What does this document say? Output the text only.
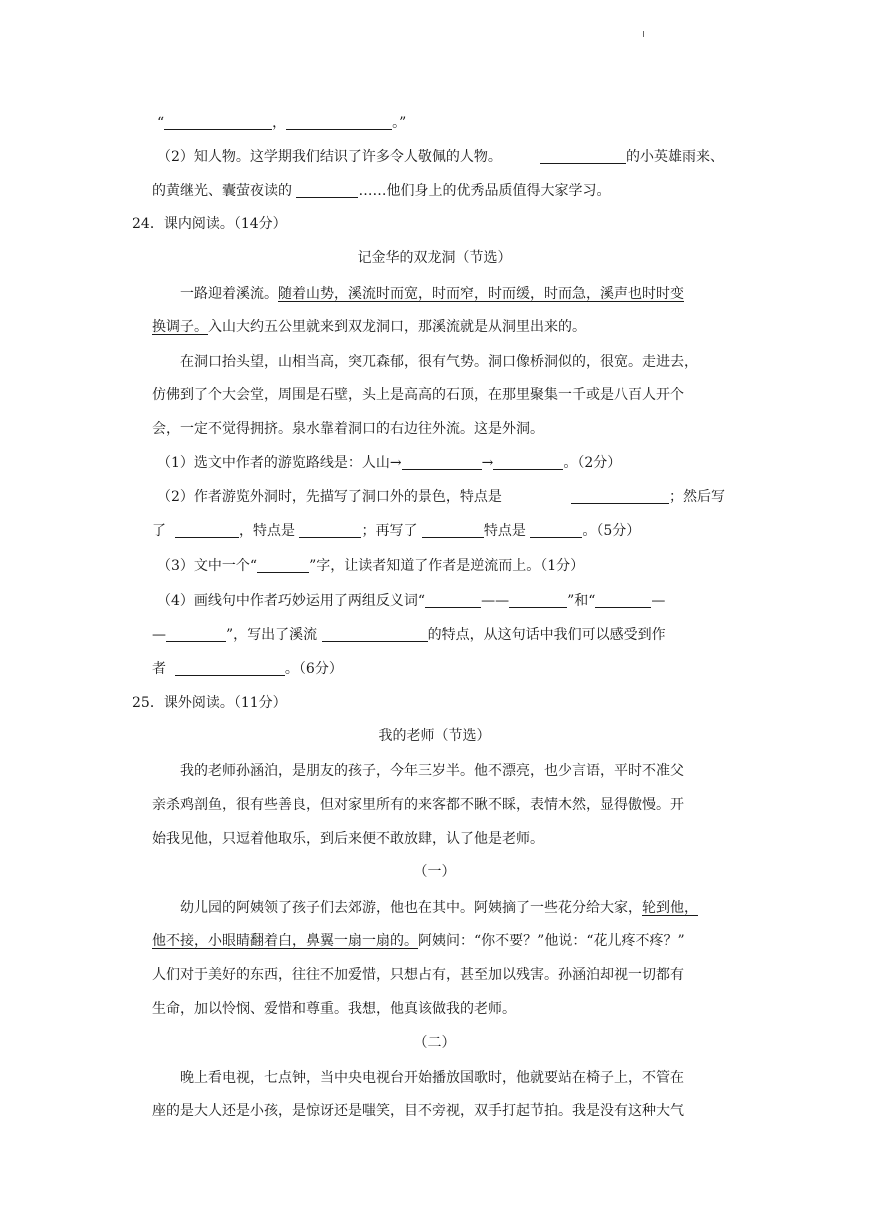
“	，	。”
（2）知人物。这学期我们结识了许多令人敬佩的人物。	的小英雄雨来、
的黄继光、囊萤夜读的	……他们身上的优秀品质值得大家学习。
24．课内阅读。（14分）
记金华的双龙洞（节选）
一路迎着溪流。随着山势，溪流时而宽，时而窄，时而缓，时而急，溪声也时时变
换调子。入山大约五公里就来到双龙洞口，那溪流就是从洞里出来的。
在洞口抬头望，山相当高，突兀森郁，很有气势。洞口像桥洞似的，很宽。走进去，
仿佛到了个大会堂，周围是石壁，头上是高高的石顶，在那里聚集一千或是八百人开个
会，一定不觉得拥挤。泉水靠着洞口的右边往外流。这是外洞。
（1）选文中作者的游览路线是：人山→	→	。（2分）
（2）作者游览外洞时，先描写了洞口外的景色，特点是	；然后写
了	，特点是	；再写了	特点是	。（5分）
（3）文中一个“	”字，让读者知道了作者是逆流而上。（1分）
（4）画线句中作者巧妙运用了两组反义词“	——	”和“	—
—	”，写出了溪流	的特点，从这句话中我们可以感受到作
者	。（6分）
25．课外阅读。（11分）
我的老师（节选）
我的老师孙涵泊，是朋友的孩子，今年三岁半。他不漂亮，也少言语，平时不准父
亲杀鸡剖鱼，很有些善良，但对家里所有的来客都不瞅不睬，表情木然，显得傲慢。开
始我见他，只逗着他取乐，到后来便不敢放肆，认了他是老师。
（一）
幼儿园的阿姨领了孩子们去郊游，他也在其中。阿姨摘了一些花分给大家，轮到他，
他不接，小眼睛翻着白，鼻翼一扇一扇的。阿姨问：“你不要？”他说：“花儿疼不疼？”
人们对于美好的东西，往往不加爱惜，只想占有，甚至加以残害。孙涵泊却视一切都有
生命，加以怜悯、爱惜和尊重。我想，他真该做我的老师。
（二）
晚上看电视，七点钟，当中央电视台开始播放国歌时，他就要站在椅子上，不管在
座的是大人还是小孩，是惊讶还是嗤笑，目不旁视，双手打起节拍。我是没有这种大气
